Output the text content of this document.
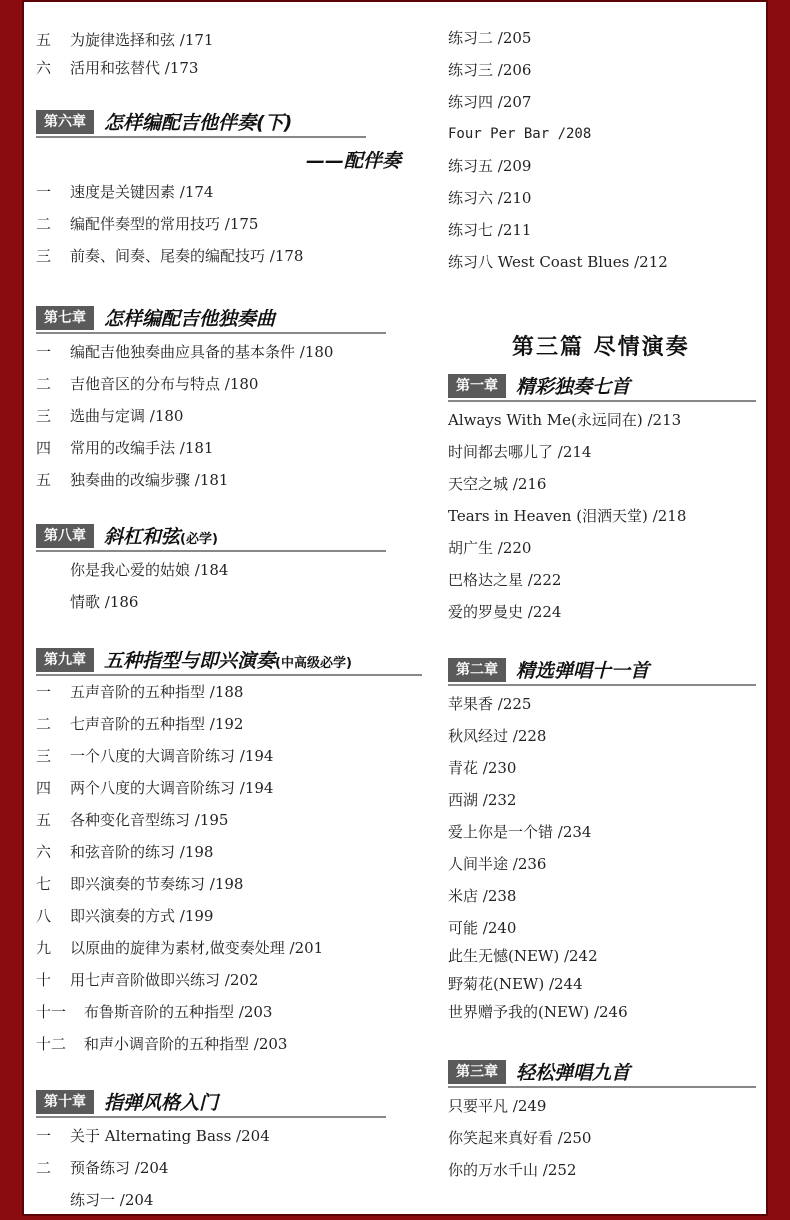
五 为旋律选择和弦 /171
六 活用和弦替代 /173
第六章 怎样编配吉他伴奏(下)
——配伴奏
一 速度是关键因素 /174
二 编配伴奏型的常用技巧 /175
三 前奏、间奏、尾奏的编配技巧 /178
第七章 怎样编配吉他独奏曲
一 编配吉他独奏曲应具备的基本条件 /180
二 吉他音区的分布与特点 /180
三 选曲与定调 /180
四 常用的改编手法 /181
五 独奏曲的改编步骤 /181
第八章 斜杠和弦(必学)
你是我心爱的姑娘 /184
情歌 /186
第九章 五种指型与即兴演奏(中高级必学)
一 五声音阶的五种指型 /188
二 七声音阶的五种指型 /192
三 一个八度的大调音阶练习 /194
四 两个八度的大调音阶练习 /194
五 各种变化音型练习 /195
六 和弦音阶的练习 /198
七 即兴演奏的节奏练习 /198
八 即兴演奏的方式 /199
九 以原曲的旋律为素材,做变奏处理 /201
十 用七声音阶做即兴练习 /202
十一 布鲁斯音阶的五种指型 /203
十二 和声小调音阶的五种指型 /203
第十章 指弹风格入门
一 关于 Alternating Bass /204
二 预备练习 /204
练习一 /204
练习二 /205
练习三 /206
练习四 /207
Four Per Bar /208
练习五 /209
练习六 /210
练习七 /211
练习八 West Coast Blues /212
第三篇 尽情演奏
第一章 精彩独奏七首
Always With Me(永远同在) /213
时间都去哪儿了 /214
天空之城 /216
Tears in Heaven (泪洒天堂) /218
胡广生 /220
巴格达之星 /222
爱的罗曼史 /224
第二章 精选弹唱十一首
苹果香 /225
秋风经过 /228
青花 /230
西湖 /232
爱上你是一个错 /234
人间半途 /236
米店 /238
可能 /240
此生无憾(NEW) /242
野菊花(NEW) /244
世界赠予我的(NEW) /246
第三章 轻松弹唱九首
只要平凡 /249
你笑起来真好看 /250
你的万水千山 /252
